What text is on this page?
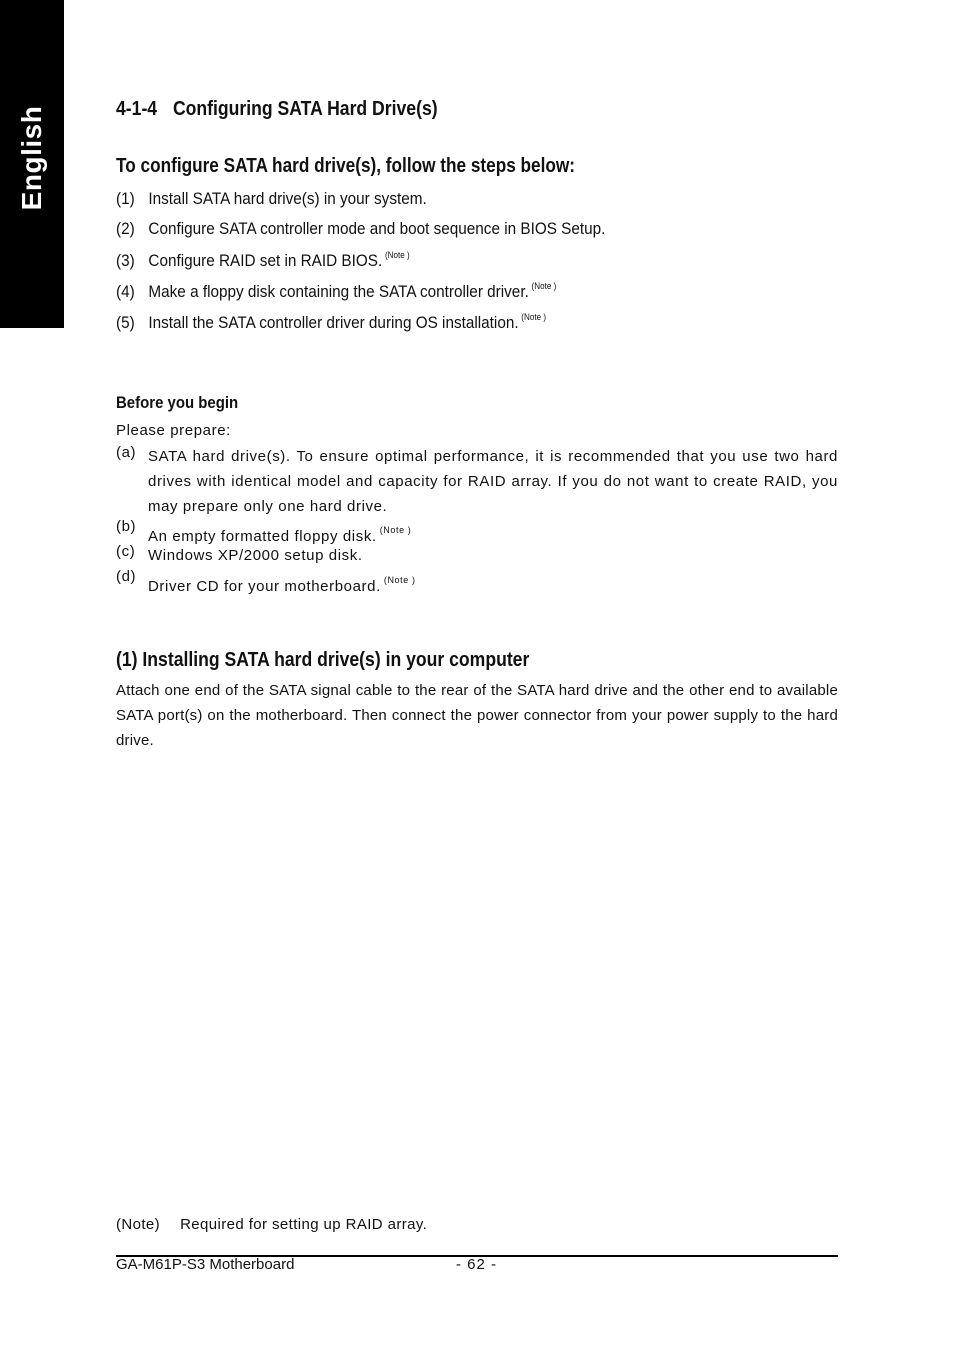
English	4-1-4 Configuring SATA Hard Drive(s)
To configure SATA hard drive(s), follow the steps below:
(1) Install SATA hard drive(s) in your system.
(2) Configure SATA controller mode and boot sequence in BIOS Setup.
(3) Configure RAID set in RAID BIOS. $^{(Note )}$
(4) Make a floppy disk containing the SATA controller driver. $^{(Note )}$
(5) Install the SATA controller driver during OS installation. $^{(Note )}$
Before you begin
Please prepare:
(a) SATA hard drive(s). To ensure optimal performance, it is recommended that you use two hard drives with identical model and capacity for RAID array. If you do not want to create RAID, you may prepare only one hard drive.
(b)
An empty formatted floppy disk. $^{(Note )}$
(c) Windows XP/2000 setup disk.
(d)
Driver CD for your motherboard. $^{(Note )}$
(1) Installing SATA hard drive(s) in your computer
Attach one end of the SATA signal cable to the rear of the SATA hard drive and the other end to available SATA port(s) on the motherboard. Then connect the power connector from your power supply to the hard drive.
(Note) Required for setting up RAID array.
GA-M61P-S3 Motherboard	- 62 -
